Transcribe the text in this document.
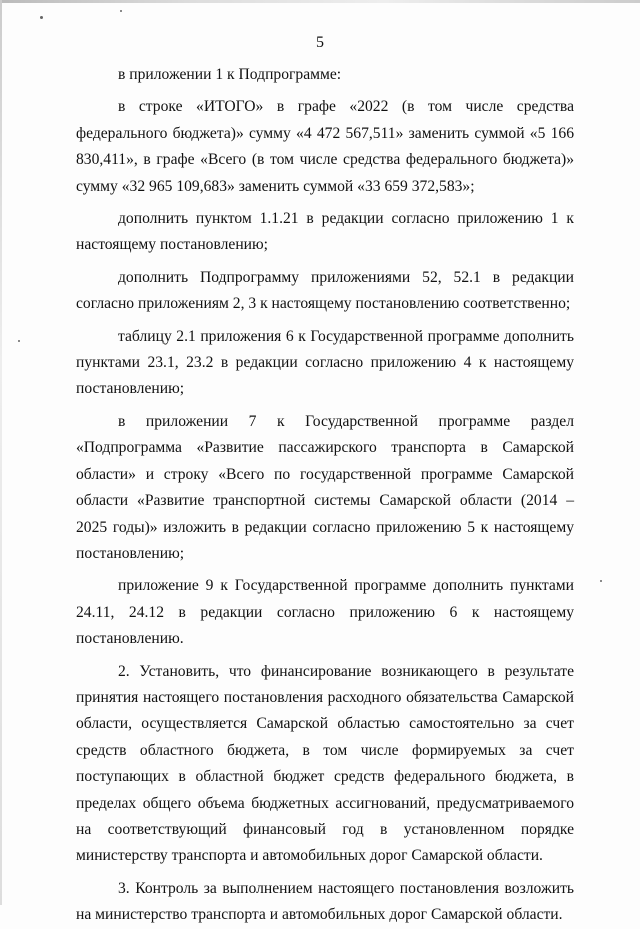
5

в приложении 1 к Подпрограмме:

в строке «ИТОГО» в графе «2022 (в том числе средства федерального бюджета)» сумму «4 472 567,511» заменить суммой «5 166 830,411», в графе «Всего (в том числе средства федерального бюджета)» сумму «32 965 109,683» заменить суммой «33 659 372,583»;

дополнить пунктом 1.1.21 в редакции согласно приложению 1 к настоящему постановлению;

дополнить Подпрограмму приложениями 52, 52.1 в редакции согласно приложениям 2, 3 к настоящему постановлению соответственно;

таблицу 2.1 приложения 6 к Государственной программе дополнить пунктами 23.1, 23.2 в редакции согласно приложению 4 к настоящему постановлению;

в приложении 7 к Государственной программе раздел «Подпрограмма «Развитие пассажирского транспорта в Самарской области» и строку «Всего по государственной программе Самарской области «Развитие транспортной системы Самарской области (2014 – 2025 годы)» изложить в редакции согласно приложению 5 к настоящему постановлению;

приложение 9 к Государственной программе дополнить пунктами 24.11, 24.12 в редакции согласно приложению 6 к настоящему постановлению.

2. Установить, что финансирование возникающего в результате принятия настоящего постановления расходного обязательства Самарской области, осуществляется Самарской областью самостоятельно за счет средств областного бюджета, в том числе формируемых за счет поступающих в областной бюджет средств федерального бюджета, в пределах общего объема бюджетных ассигнований, предусматриваемого на соответствующий финансовый год в установленном порядке министерству транспорта и автомобильных дорог Самарской области.

3. Контроль за выполнением настоящего постановления возложить на министерство транспорта и автомобильных дорог Самарской области.
